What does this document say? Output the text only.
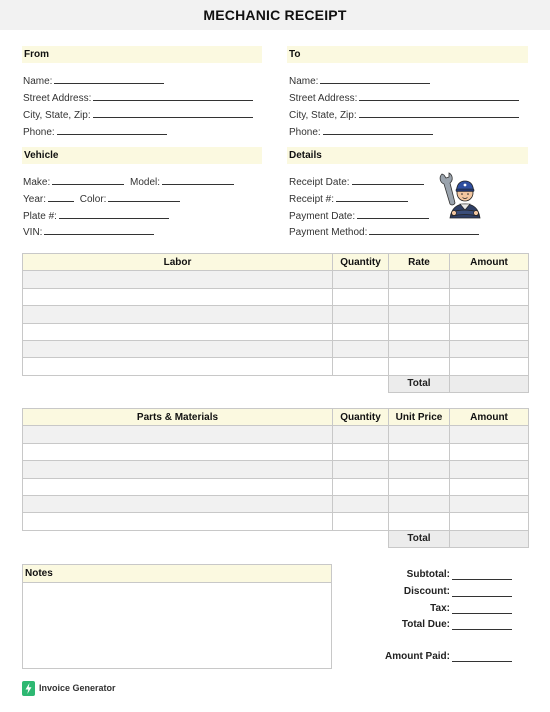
MECHANIC RECEIPT
From
Name:
Street Address:
City, State, Zip:
Phone:
To
Name:
Street Address:
City, State, Zip:
Phone:
Vehicle
Make:	Model:
Year:	Color:
Plate #:
VIN:
Details
Receipt Date:
Receipt #:
Payment Date:
Payment Method:
Labor	Quantity	Rate	Amount

		Total	
Parts & Materials	Quantity	Unit Price	Amount

		Total	
Notes	Subtotal:
Discount:
Tax:
Total Due:
Amount Paid:
Invoice Generator
